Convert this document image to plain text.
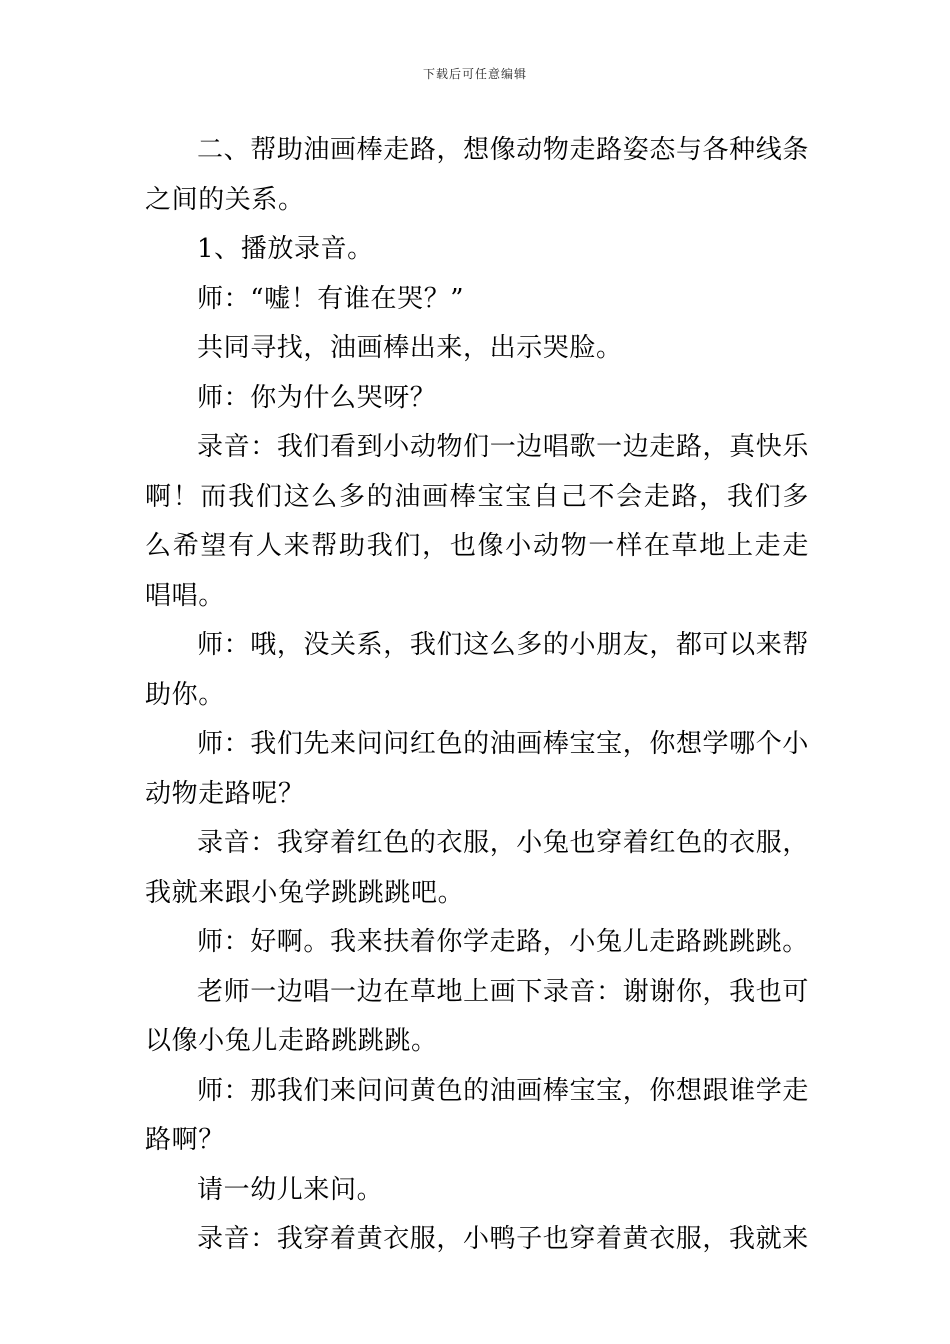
下载后可任意编辑

二、帮助油画棒走路，想像动物走路姿态与各种线条之间的关系。

1、播放录音。

师：“嘘！有谁在哭？”

共同寻找，油画棒出来，出示哭脸。

师：你为什么哭呀？

录音：我们看到小动物们一边唱歌一边走路，真快乐啊！而我们这么多的油画棒宝宝自己不会走路，我们多么希望有人来帮助我们，也像小动物一样在草地上走走唱唱。

师：哦，没关系，我们这么多的小朋友，都可以来帮助你。

师：我们先来问问红色的油画棒宝宝，你想学哪个小动物走路呢？

录音：我穿着红色的衣服，小兔也穿着红色的衣服，我就来跟小兔学跳跳跳吧。

师：好啊。我来扶着你学走路，小兔儿走路跳跳跳。

老师一边唱一边在草地上画下录音：谢谢你，我也可以像小兔儿走路跳跳跳。

师：那我们来问问黄色的油画棒宝宝，你想跟谁学走路啊？

请一幼儿来问。

录音：我穿着黄衣服，小鸭子也穿着黄衣服，我就来
